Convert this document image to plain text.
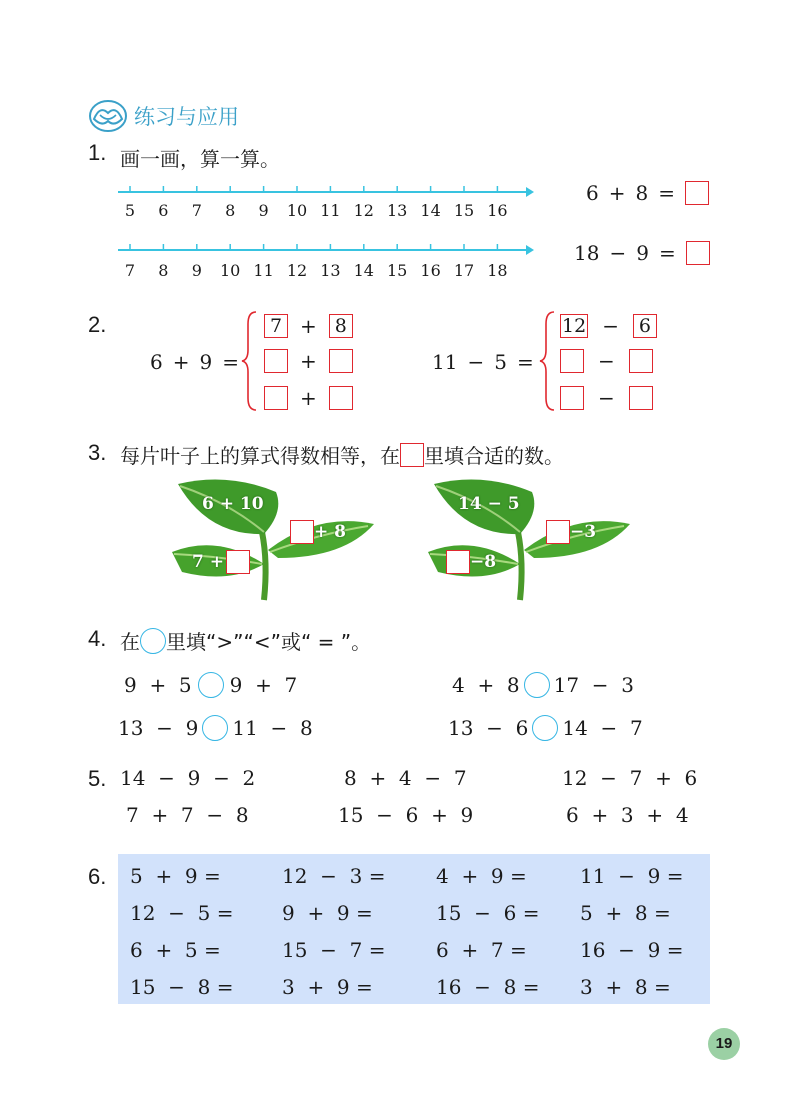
练习与应用
1. 画一画，算一算。
5	6	7	8	9	10 11 12 13 14 15 16
7	8	9	10 11 12 13 14 15 16 17 18
6 + 8 =
18 − 9 =
2.
6 + 9 =
7 + 8
+
+
11 − 5 =
12 −	6
−
−
3. 每片叶子上的算式得数相等，在 里填合适的数。
6 + 10
+ 8
7 +
14 − 5
−3
−8
4. 在 里填“>”“<”或“ = ”。
9  +  5 9  +  7	4  +  8 17  −  3
13  −  9 11  −  8	13  −  6 14  −  7
5. 14  −  9  −  2	8  +  4  −  7	12  −  7  +  6
7  +  7  −  8	15  −  6  +  9	6  +  3  +  4
6. 5  +  9 =	12  −  3 =	4  +  9 =	11  −  9 =
12  −  5 = 9  +  9 =	15  −  6 = 5  +  8 =
6  +  5 =	15  −  7 =	6  +  7 =	16  −  9 =
15  −  8 = 3  +  9 =	16  −  8 = 3  +  8 =
19
